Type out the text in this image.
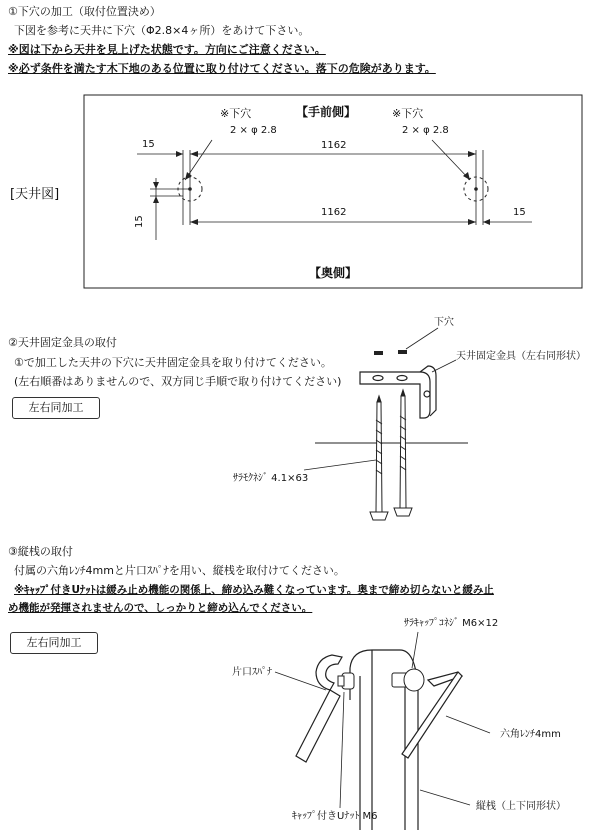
①下穴の加工（取付位置決め）
下図を参考に天井に下穴（Φ2.8×4ヶ所）をあけて下さい。
※図は下から天井を見上げた状態です。方向にご注意ください。
※必ず条件を満たす木下地のある位置に取り付けてください。落下の危険があります。
[天井図]
【手前側】
【奥側】
※下穴
2 × φ 2.8
※下穴
2 × φ 2.8
15	1162
1162	15
15
②天井固定金具の取付
①で加工した天井の下穴に天井固定金具を取り付けてください。
(左右順番はありませんので、双方同じ手順で取り付けてください)
左右同加工
下穴
天井固定金具（左右同形状）
ｻﾗﾓｸﾈｼﾞ 4.1×63
③縦桟の取付
付属の六角ﾚﾝﾁ4mmと片口ｽﾊﾟﾅを用い、縦桟を取付けてください。
※ｷｬｯﾌﾟ付きUﾅｯﾄは緩み止め機能の関係上、締め込み難くなっています。奥まで締め切らないと緩み止
め機能が発揮されませんので、しっかりと締め込んでください。
左右同加工
ｻﾗｷｬｯﾌﾟｺﾈｼﾞ M6×12
片口ｽﾊﾟﾅ
六角ﾚﾝﾁ4mm
ｷｬｯﾌﾟ付きUﾅｯﾄ M6
縦桟（上下同形状）
